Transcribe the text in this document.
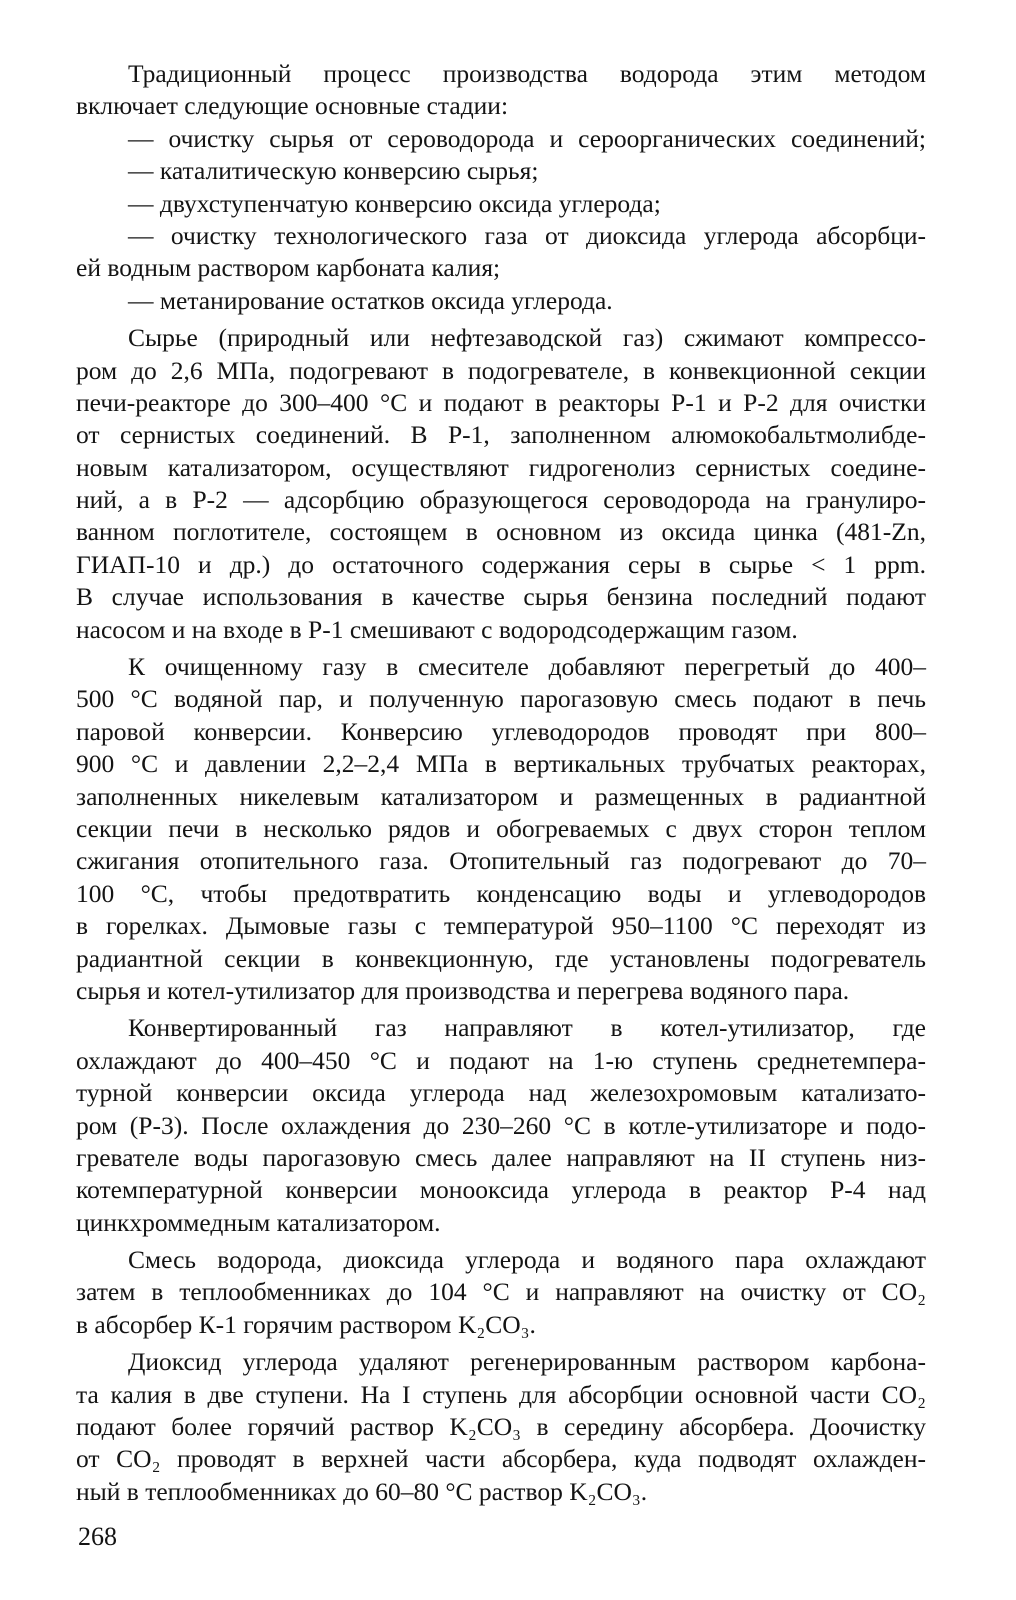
Традиционный процесс производства водорода этим методом
включает следующие основные стадии:
— очистку сырья от сероводорода и сероорганических соединений;
— каталитическую конверсию сырья;
— двухступенчатую конверсию оксида углерода;
— очистку технологического газа от диоксида углерода абсорбци-
ей водным раствором карбоната калия;
— метанирование остатков оксида углерода.
Сырье (природный или нефтезаводской газ) сжимают компрессо-
ром до 2,6 МПа, подогревают в подогревателе, в конвекционной секции
печи-реакторе до 300–400 °С и подают в реакторы Р-1 и Р-2 для очистки
от сернистых соединений. В Р-1, заполненном алюмокобальтмолибде-
новым катализатором, осуществляют гидрогенолиз сернистых соедине-
ний, а в Р-2 — адсорбцию образующегося сероводорода на гранулиро-
ванном поглотителе, состоящем в основном из оксида цинка (481-Zn,
ГИАП-10 и др.) до остаточного содержания серы в сырье < 1 ppm.
В случае использования в качестве сырья бензина последний подают
насосом и на входе в Р-1 смешивают с водородсодержащим газом.
К очищенному газу в смесителе добавляют перегретый до 400–
500 °С водяной пар, и полученную парогазовую смесь подают в печь
паровой конверсии. Конверсию углеводородов проводят при 800–
900 °С и давлении 2,2–2,4 МПа в вертикальных трубчатых реакторах,
заполненных никелевым катализатором и размещенных в радиантной
секции печи в несколько рядов и обогреваемых с двух сторон теплом
сжигания отопительного газа. Отопительный газ подогревают до 70–
100 °С, чтобы предотвратить конденсацию воды и углеводородов
в горелках. Дымовые газы с температурой 950–1100 °С переходят из
радиантной секции в конвекционную, где установлены подогреватель
сырья и котел-утилизатор для производства и перегрева водяного пара.
Конвертированный газ направляют в котел-утилизатор, где
охлаждают до 400–450 °С и подают на 1-ю ступень среднетемпера-
турной конверсии оксида углерода над железохромовым катализато-
ром (Р-3). После охлаждения до 230–260 °С в котле-утилизаторе и подо-
гревателе воды парогазовую смесь далее направляют на II ступень низ-
котемпературной конверсии монооксида углерода в реактор Р-4 над
цинкхроммедным катализатором.
Смесь водорода, диоксида углерода и водяного пара охлаждают
затем в теплообменниках до 104 °С и направляют на очистку от CO₂
в абсорбер К-1 горячим раствором K₂CO₃.
Диоксид углерода удаляют регенерированным раствором карбона-
та калия в две ступени. На I ступень для абсорбции основной части CO₂
подают более горячий раствор K₂CO₃ в середину абсорбера. Доочистку
от CO₂ проводят в верхней части абсорбера, куда подводят охлажден-
ный в теплообменниках до 60–80 °С раствор K₂CO₃.
268
